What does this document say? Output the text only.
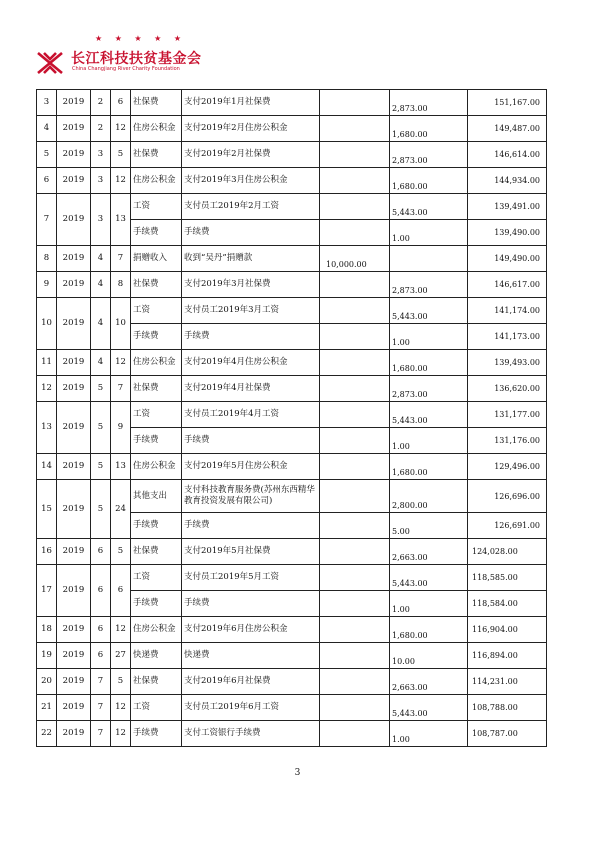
★ ★ ★ ★ ★
长江科技扶贫基金会
China Changjiang River Charity Foundation
3	2019	2	6	社保费	支付2019年1月社保费		2,873.00	151,167.00
4	2019	2	12	住房公积金	支付2019年2月住房公积金		1,680.00	149,487.00
5	2019	3	5	社保费	支付2019年2月社保费		2,873.00	146,614.00
6	2019	3	12	住房公积金	支付2019年3月住房公积金		1,680.00	144,934.00
7	2019	3	13	工资	支付员工2019年2月工资		5,443.00	139,491.00
				手续费	手续费		1.00	139,490.00
8	2019	4	7	捐赠收入	收到“吴丹”捐赠款	10,000.00		149,490.00
9	2019	4	8	社保费	支付2019年3月社保费		2,873.00	146,617.00
10	2019	4	10	工资	支付员工2019年3月工资		5,443.00	141,174.00
				手续费	手续费		1.00	141,173.00
11	2019	4	12	住房公积金	支付2019年4月住房公积金		1,680.00	139,493.00
12	2019	5	7	社保费	支付2019年4月社保费		2,873.00	136,620.00
13	2019	5	9	工资	支付员工2019年4月工资		5,443.00	131,177.00
				手续费	手续费		1.00	131,176.00
14	2019	5	13	住房公积金	支付2019年5月住房公积金		1,680.00	129,496.00
15	2019	5	24	其他支出	支付科技教育服务费(苏州东西精华教育投资发展有限公司)		2,800.00	126,696.00
				手续费	手续费		5.00	126,691.00
16	2019	6	5	社保费	支付2019年5月社保费		2,663.00	124,028.00
17	2019	6	6	工资	支付员工2019年5月工资		5,443.00	118,585.00
				手续费	手续费		1.00	118,584.00
18	2019	6	12	住房公积金	支付2019年6月住房公积金		1,680.00	116,904.00
19	2019	6	27	快递费	快递费		10.00	116,894.00
20	2019	7	5	社保费	支付2019年6月社保费		2,663.00	114,231.00
21	2019	7	12	工资	支付员工2019年6月工资		5,443.00	108,788.00
22	2019	7	12	手续费	支付工资银行手续费		1.00	108,787.00
3
